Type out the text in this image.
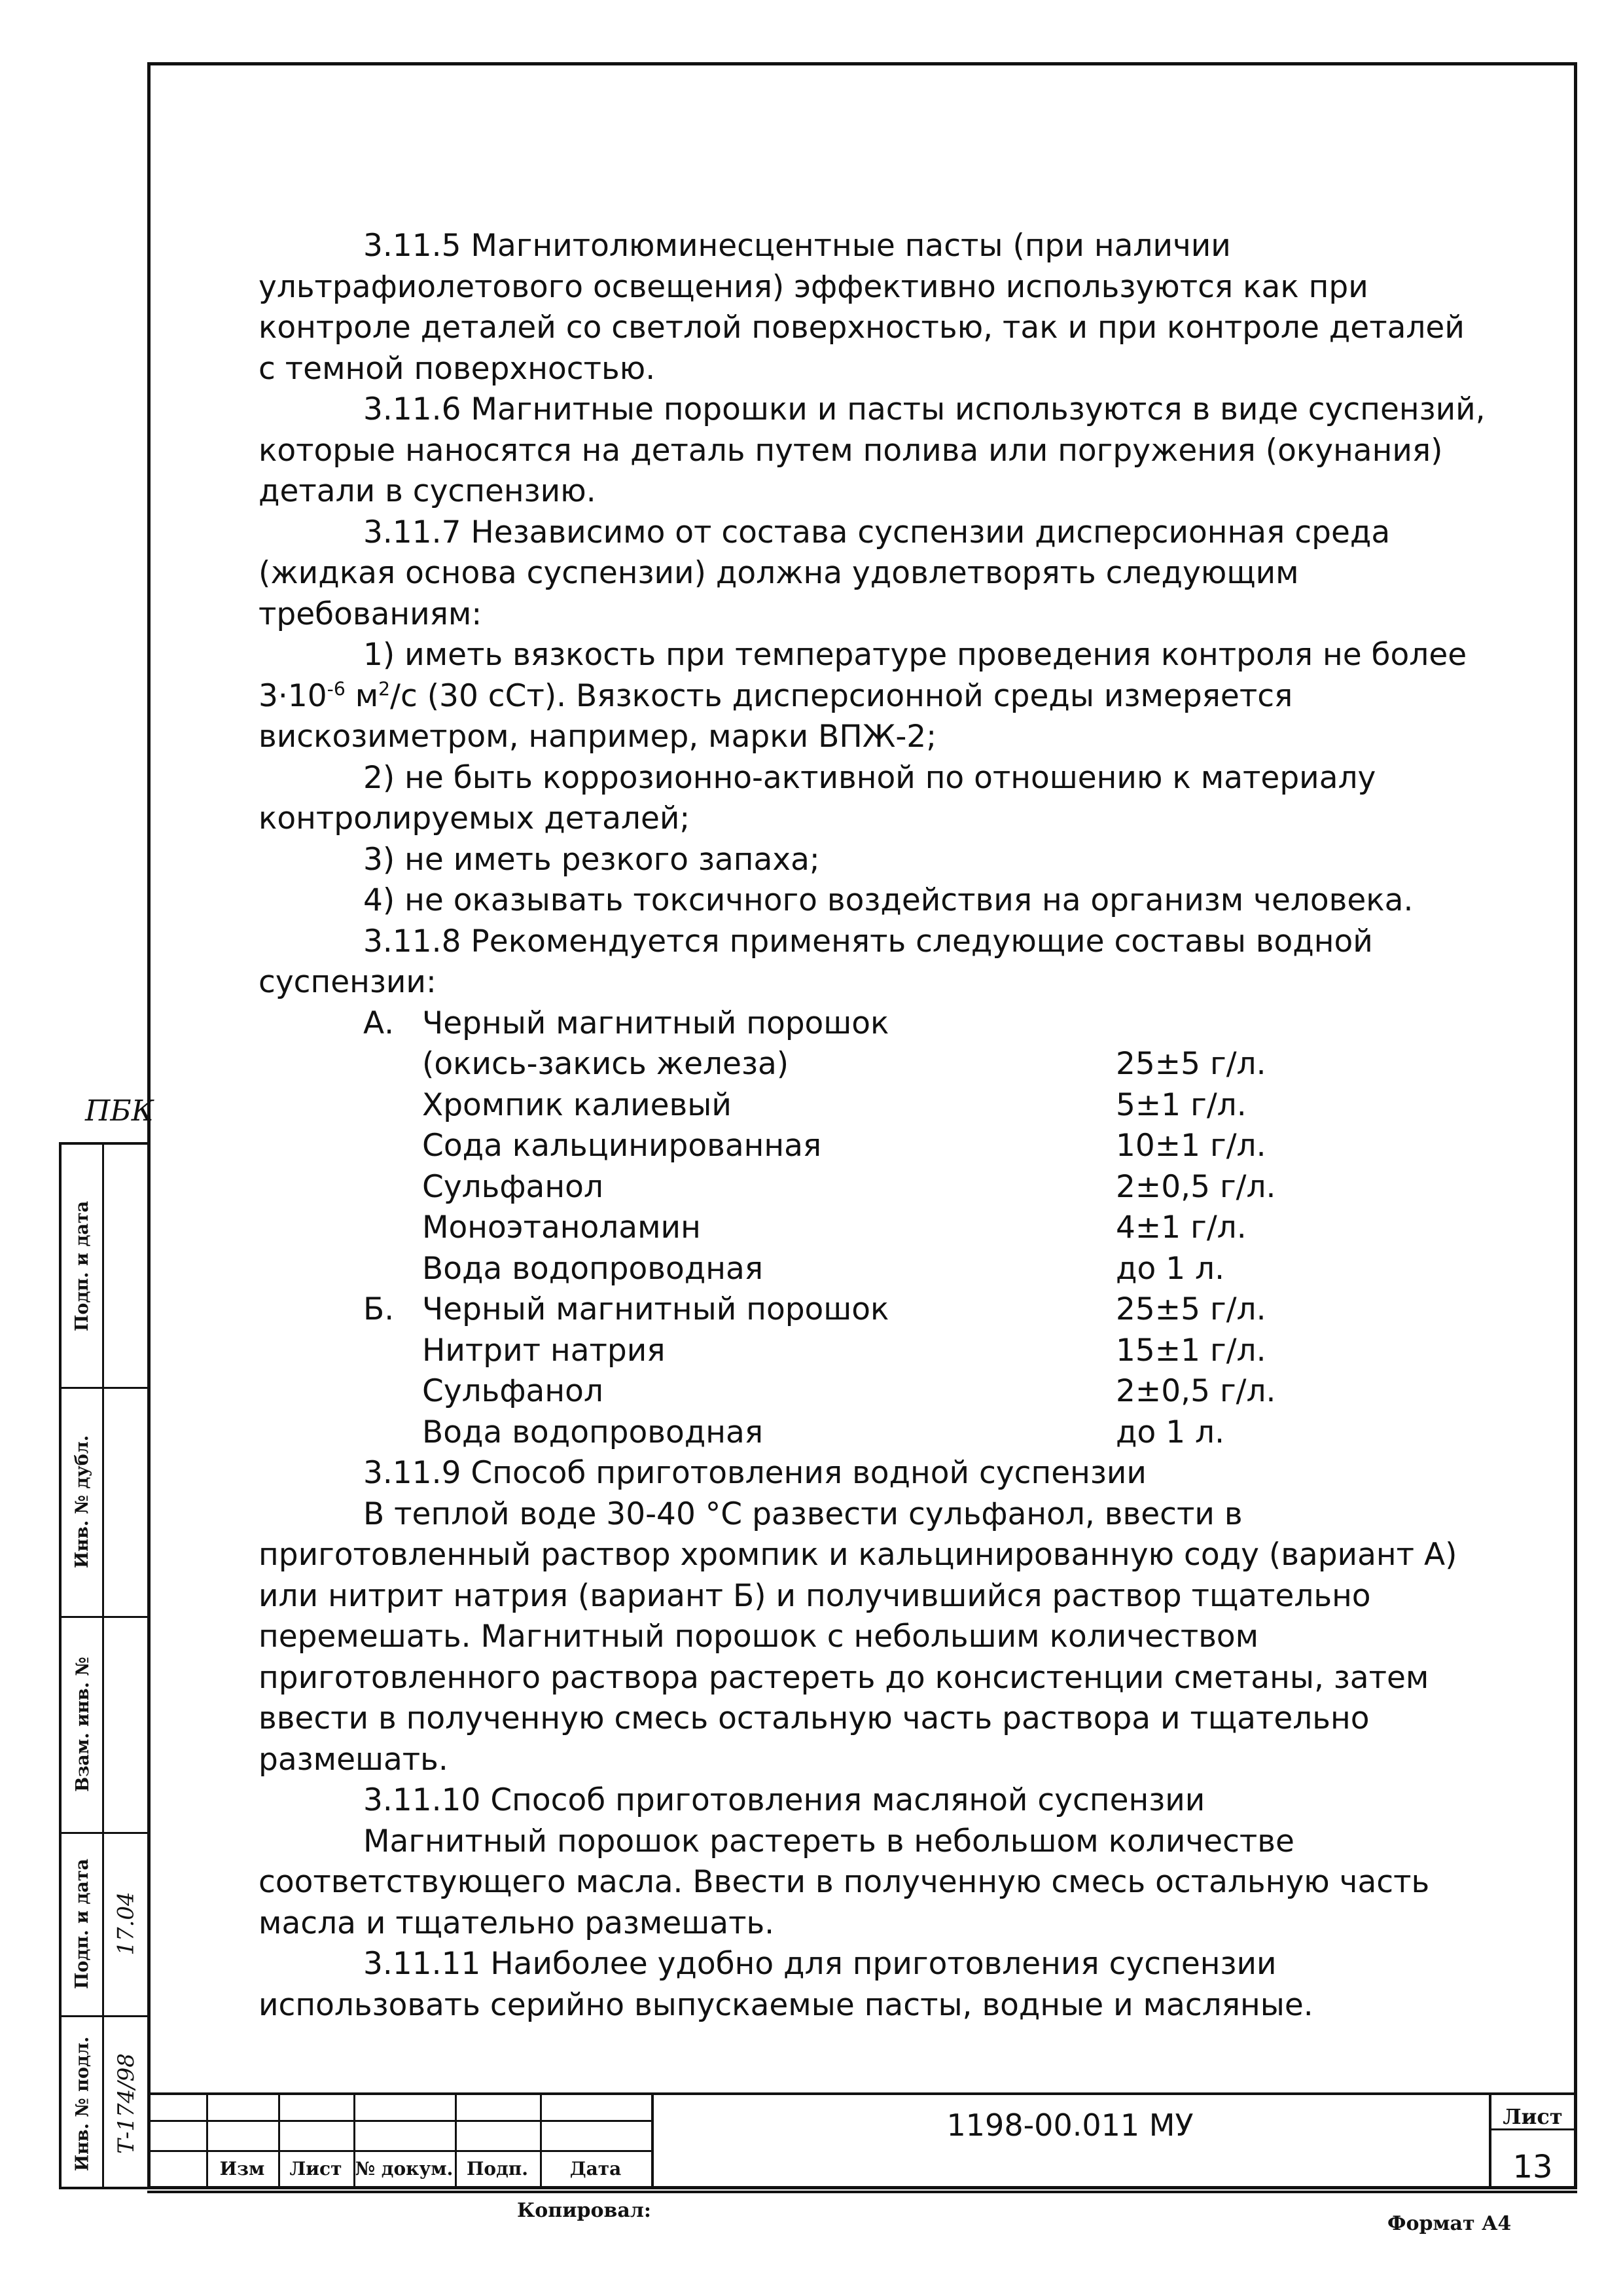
ПБК

3.11.5 Магнитолюминесцентные пасты (при наличии ультрафиолетового освещения) эффективно используются как при контроле деталей со светлой поверхностью, так и при контроле деталей с темной поверхностью.

3.11.6 Магнитные порошки и пасты используются в виде суспензий, которые наносятся на деталь путем полива или погружения (окунания) детали в суспензию.

3.11.7 Независимо от состава суспензии дисперсионная среда (жидкая основа суспензии) должна удовлетворять следующим требованиям:

1) иметь вязкость при температуре проведения контроля не более $3\cdot 10^{-6}$ $м^2/с$ (30 сСт). Вязкость дисперсионной среды измеряется вискозиметром, например, марки ВПЖ-2;

2) не быть коррозионно-активной по отношению к материалу контролируемых деталей;

3) не иметь резкого запаха;

4) не оказывать токсичного воздействия на организм человека.

3.11.8 Рекомендуется применять следующие составы водной суспензии:

А. Черный магнитный порошок
(окись-закись железа)	25±5 г/л.
Хромпик калиевый	5±1 г/л.
Сода кальцинированная	10±1 г/л.
Сульфанол	2±0,5 г/л.
Моноэтаноламин	4±1 г/л.
Вода водопроводная	до 1 л.
Б. Черный магнитный порошок	25±5 г/л.
Нитрит натрия	15±1 г/л.
Сульфанол	2±0,5 г/л.
Вода водопроводная	до 1 л.

3.11.9 Способ приготовления водной суспензии

В теплой воде 30-40 °С развести сульфанол, ввести в приготовленный раствор хромпик и кальцинированную соду (вариант А) или нитрит натрия (вариант Б) и получившийся раствор тщательно перемешать. Магнитный порошок с небольшим количеством приготовленного раствора растереть до консистенции сметаны, затем ввести в полученную смесь остальную часть раствора и тщательно размешать.

3.11.10 Способ приготовления масляной суспензии

Магнитный порошок растереть в небольшом количестве соответствующего масла. Ввести в полученную смесь остальную часть масла и тщательно размешать.

3.11.11 Наиболее удобно для приготовления суспензии использовать серийно выпускаемые пасты, водные и масляные.

Подп. и дата
Инв. № дубл.
Взам. инв. №
Подп. и дата
Инв. № подл.
17.04
Т-174/98
Изм	Лист № докум. Подп.	Дата
1198-00.011 МУ	Лист
13
Копировал:
Формат А4
